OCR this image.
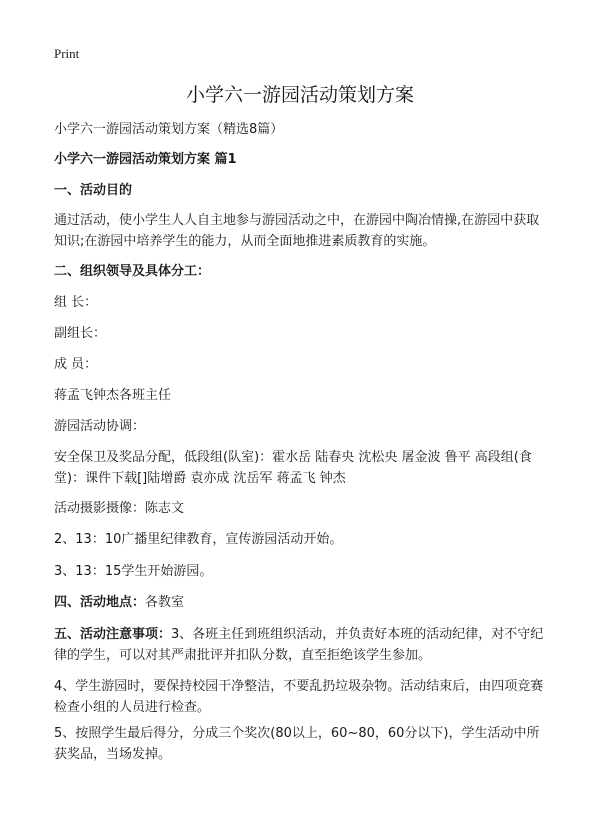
Print
小学六一游园活动策划方案

小学六一游园活动策划方案（精选8篇）

小学六一游园活动策划方案 篇1

一、活动目的

通过活动，使小学生人人自主地参与游园活动之中，在游园中陶冶情操,在游园中获取知识;在游园中培养学生的能力，从而全面地推进素质教育的实施。

二、组织领导及具体分工：

组 长：

副组长：

成 员：

蒋孟飞钟杰各班主任

游园活动协调：

安全保卫及奖品分配，低段组(队室)：霍水岳 陆春央 沈松央 屠金波 鲁平 高段组(食堂)：课件下载[]陆增爵 袁亦成 沈岳军 蒋孟飞 钟杰

活动摄影摄像：陈志文

2、13：10广播里纪律教育，宣传游园活动开始。

3、13：15学生开始游园。

四、活动地点：各教室

五、活动注意事项：3、各班主任到班组织活动，并负责好本班的活动纪律，对不守纪律的学生，可以对其严肃批评并扣队分数，直至拒绝该学生参加。

4、学生游园时，要保持校园干净整洁，不要乱扔垃圾杂物。活动结束后，由四项竞赛检查小组的人员进行检查。

5、按照学生最后得分，分成三个奖次(80以上，60~80，60分以下)，学生活动中所获奖品，当场发掉。
